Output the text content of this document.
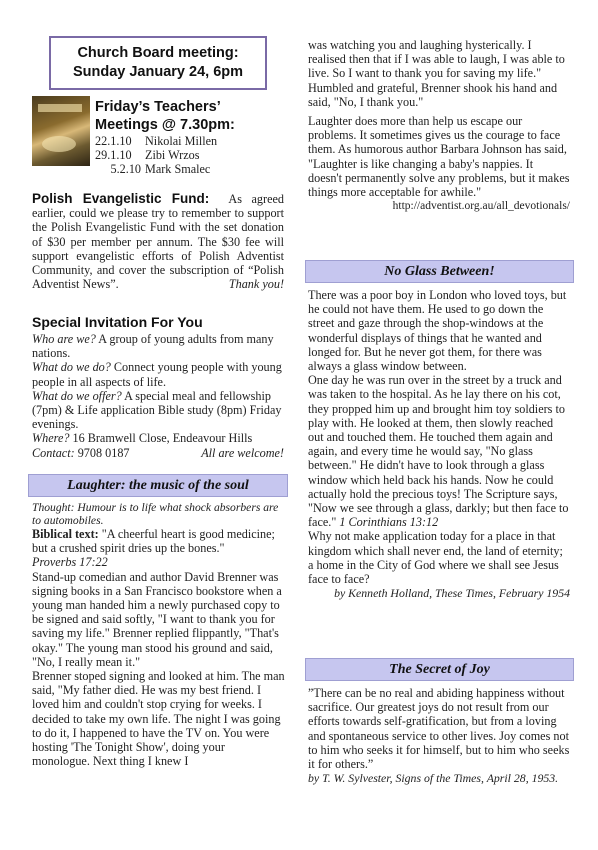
Church Board meeting:
Sunday January 24, 6pm
Friday’s Teachers’ Meetings @ 7.30pm:
22.1.10 Nikolai Millen
29.1.10 Zibi Wrzos
5.2.10 Mark Smalec

Polish Evangelistic Fund: As agreed earlier, could we please try to remember to support the Polish Evangelistic Fund with the set donation of $30 per member per annum. The $30 fee will support evangelistic efforts of Polish Adventist Community, and cover the subscription of “Polish Adventist News”.	Thank you!
Special Invitation For You

Who are we? A group of young adults from many nations.

What do we do? Connect young people with young people in all aspects of life.

What do we offer? A special meal and fellowship (7pm) & Life application Bible study (8pm) Friday evenings.

Where? 16 Bramwell Close, Endeavour Hills

Contact: 9708 0187	All are welcome!

Laughter: the music of the soul

Thought: Humour is to life what shock absorbers are to automobiles.

Biblical text: "A cheerful heart is good medicine; but a crushed spirit dries up the bones."

Proverbs 17:22

Stand-up comedian and author David Brenner was signing books in a San Francisco bookstore when a young man handed him a newly purchased copy to be signed and said softly, "I want to thank you for saving my life." Brenner replied flippantly, "That's okay." The young man stood his ground and said, "No, I really mean it."

Brenner stoped signing and looked at him. The man said, "My father died. He was my best friend. I loved him and couldn't stop crying for weeks. I decided to take my own life. The night I was going to do it, I happened to have the TV on. You were hosting 'The Tonight Show', doing your monologue. Next thing I knew I

was watching you and laughing hysterically. I realised then that if I was able to laugh, I was able to live. So I want to thank you for saving my life."

Humbled and grateful, Brenner shook his hand and said, "No, I thank you."

Laughter does more than help us escape our problems. It sometimes gives us the courage to face them. As humorous author Barbara Johnson has said, "Laughter is like changing a baby's nappies. It doesn't permanently solve any problems, but it makes things more acceptable for awhile."

http://adventist.org.au/all_devotionals/

No Glass Between!

There was a poor boy in London who loved toys, but he could not have them. He used to go down the street and gaze through the shop-windows at the wonderful displays of things that he wanted and longed for. But he never got them, for there was always a glass window between.

One day he was run over in the street by a truck and was taken to the hospital. As he lay there on his cot, they propped him up and brought him toy soldiers to play with. He looked at them, then slowly reached out and touched them. He touched them again and again, and every time he would say, "No glass between." He didn't have to look through a glass window which held back his hands. Now he could actually hold the precious toys! The Scripture says, "Now we see through a glass, darkly; but then face to face." 1 Corinthians 13:12

Why not make application today for a place in that kingdom which shall never end, the land of eternity; a home in the City of God where we shall see Jesus face to face?

by Kenneth Holland, These Times, February 1954

The Secret of Joy

”There can be no real and abiding happiness without sacrifice. Our greatest joys do not result from our efforts towards self-gratification, but from a loving and spontaneous service to other lives. Joy comes not to him who seeks it for himself, but to him who seeks it for others.”

by T. W. Sylvester, Signs of the Times, April 28, 1953.
